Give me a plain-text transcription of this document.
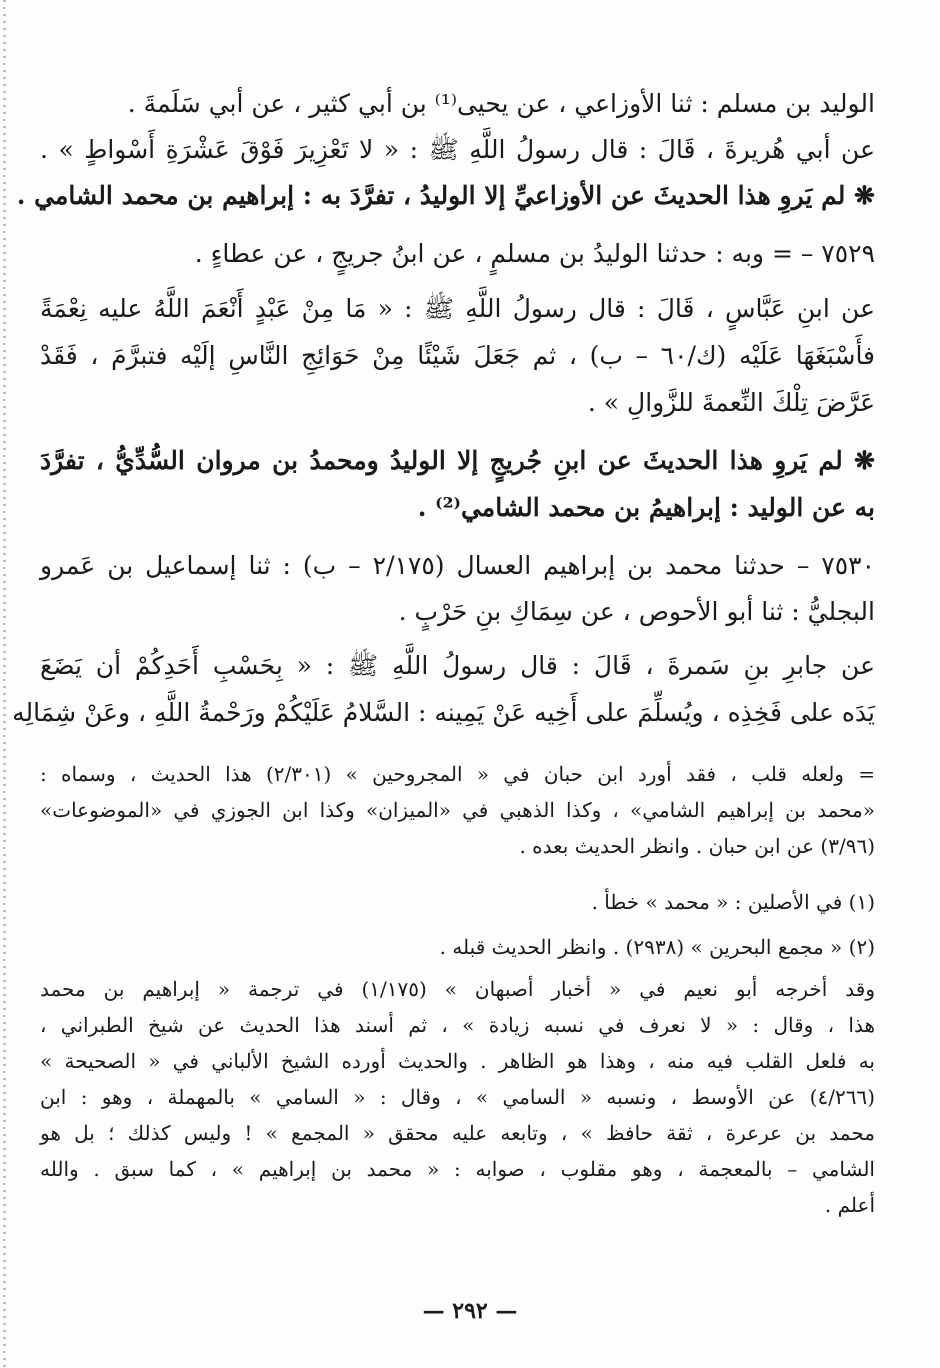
الوليد بن مسلم : ثنا الأوزاعي ، عن يحيى⁽¹⁾ بن أبي كثير ، عن أبي سَلَمةَ .
عن أبي هُريرةَ ، قَالَ : قال رسولُ اللَّهِ ﷺ : « لا تَعْزِيرَ فَوْقَ عَشْرَةِ أَسْواطٍ » .
❋ لم يَروِ هذا الحديثَ عن الأوزاعيِّ إلا الوليدُ ، تفرَّدَ به : إبراهيم بن محمد الشامي .
٧٥٢٩ – = وبه : حدثنا الوليدُ بن مسلمٍ ، عن ابنُ جريجٍ ، عن عطاءٍ .
عن ابنِ عَبَّاسٍ ، قَالَ : قال رسولُ اللَّهِ ﷺ : « مَا مِنْ عَبْدٍ أَنْعَمَ اللَّهُ عليه نِعْمَةً
فأَسْبَغَهَا عَلَيْه (ك/٦٠ – ب) ، ثم جَعَلَ شَيْئًا مِنْ حَوَائِجِ النَّاسِ إلَيْه فتبرَّمَ ، فَقَدْ
عَرَّضَ تِلْكَ النِّعمةَ للزَّوالِ » .
❋ لم يَروِ هذا الحديثَ عن ابنِ جُريجٍ إلا الوليدُ ومحمدُ بن مروان السُّدِّيُّ ، تفرَّدَ
به عن الوليد : إبراهيمُ بن محمد الشامي⁽²⁾ .
٧٥٣٠ – حدثنا محمد بن إبراهيم العسال (٢/١٧٥ – ب) : ثنا إسماعيل بن عَمرو
البجليُّ : ثنا أبو الأحوص ، عن سِمَاكِ بنِ حَرْبٍ .
عن جابرِ بنِ سَمرةَ ، قَالَ : قال رسولُ اللَّهِ ﷺ : « بِحَسْبِ أَحَدِكُمْ أن يَضَعَ
يَدَه على فَخِذِه ، ويُسلِّمَ على أَخِيه عَنْ يَمِينه : السَّلامُ عَلَيْكُمْ ورَحْمةُ اللَّهِ ، وعَنْ شِمَالِه
= ولعله قلب ، فقد أورد ابن حبان في « المجروحين » (٢/٣٠١) هذا الحديث ، وسماه :
«محمد بن إبراهيم الشامي» ، وكذا الذهبي في «الميزان» وكذا ابن الجوزي في «الموضوعات»
(٣/٩٦) عن ابن حبان . وانظر الحديث بعده .
(١) في الأصلين : « محمد » خطأ .
(٢) « مجمع البحرين » (٢٩٣٨) . وانظر الحديث قبله .
وقد أخرجه أبو نعيم في « أخبار أصبهان » (١/١٧٥) في ترجمة « إبراهيم بن محمد
هذا ، وقال : « لا نعرف في نسبه زيادة » ، ثم أسند هذا الحديث عن شيخ الطبراني ،
به فلعل القلب فيه منه ، وهذا هو الظاهر . والحديث أورده الشيخ الألباني في « الصحيحة »
(٤/٢٦٦) عن الأوسط ، ونسبه « السامي » ، وقال : « السامي » بالمهملة ، وهو : ابن
محمد بن عرعرة ، ثقة حافظ » ، وتابعه عليه محقق « المجمع » ! وليس كذلك ؛ بل هو
الشامي – بالمعجمة ، وهو مقلوب ، صوابه : « محمد بن إبراهيم » ، كما سبق . والله
أعلم .
— ٢٩٢ —
